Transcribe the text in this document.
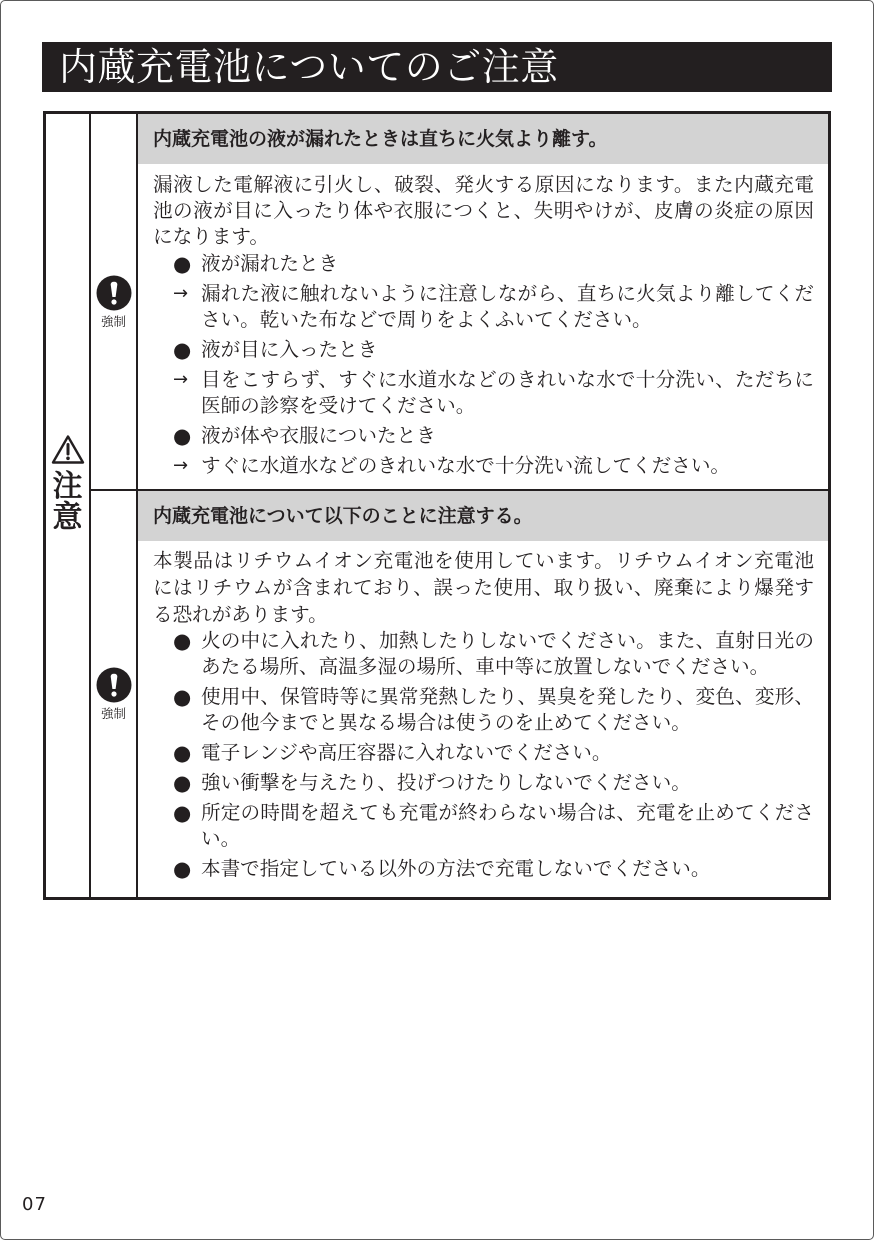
内蔵充電池についてのご注意
注意
強制
内蔵充電池の液が漏れたときは直ちに火気より離す。

漏液した電解液に引火し、破裂、発火する原因になります。また内蔵充電池の液が目に入ったり体や衣服につくと、失明やけが、皮膚の炎症の原因になります。

● 液が漏れたとき
→ 漏れた液に触れないように注意しながら、直ちに火気より離してください。乾いた布などで周りをよくふいてください。
● 液が目に入ったとき
→ 目をこすらず、すぐに水道水などのきれいな水で十分洗い、ただちに医師の診察を受けてください。
● 液が体や衣服についたとき
→ すぐに水道水などのきれいな水で十分洗い流してください。
強制
内蔵充電池について以下のことに注意する。

本製品はリチウムイオン充電池を使用しています。リチウムイオン充電池にはリチウムが含まれており、誤った使用、取り扱い、廃棄により爆発する恐れがあります。

● 火の中に入れたり、加熱したりしないでください。また、直射日光のあたる場所、高温多湿の場所、車中等に放置しないでください。
● 使用中、保管時等に異常発熱したり、異臭を発したり、変色、変形、その他今までと異なる場合は使うのを止めてください。
● 電子レンジや高圧容器に入れないでください。
● 強い衝撃を与えたり、投げつけたりしないでください。
● 所定の時間を超えても充電が終わらない場合は、充電を止めてください。
● 本書で指定している以外の方法で充電しないでください。
07
